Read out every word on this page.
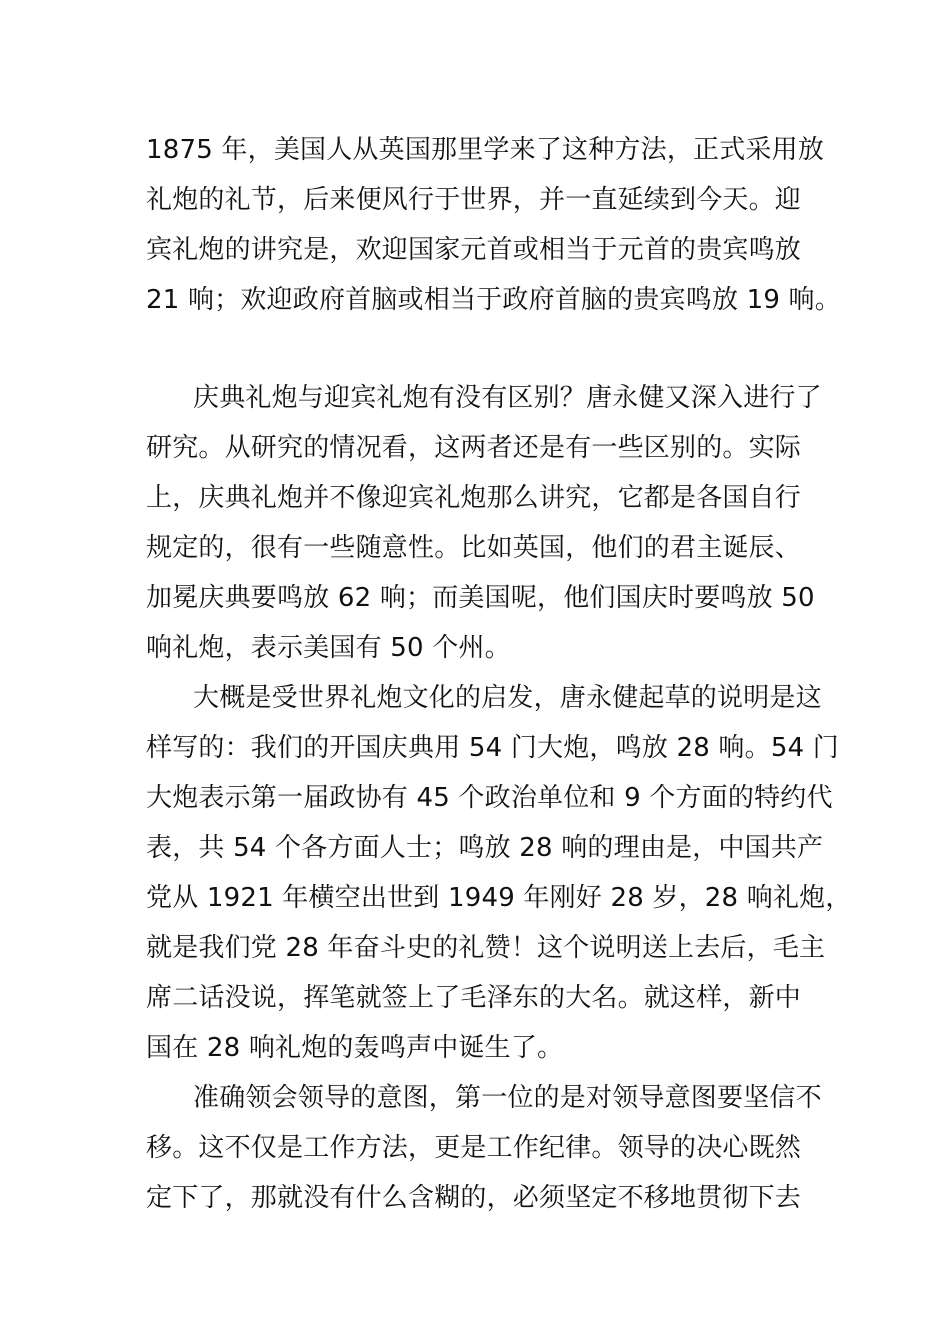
1875 年，美国人从英国那里学来了这种方法，正式采用放
礼炮的礼节，后来便风行于世界，并一直延续到今天。迎
宾礼炮的讲究是，欢迎国家元首或相当于元首的贵宾鸣放
21 响；欢迎政府首脑或相当于政府首脑的贵宾鸣放 19 响。
庆典礼炮与迎宾礼炮有没有区别？唐永健又深入进行了
研究。从研究的情况看，这两者还是有一些区别的。实际
上，庆典礼炮并不像迎宾礼炮那么讲究，它都是各国自行
规定的，很有一些随意性。比如英国，他们的君主诞辰、
加冕庆典要鸣放 62 响；而美国呢，他们国庆时要鸣放 50
响礼炮，表示美国有 50 个州。
大概是受世界礼炮文化的启发，唐永健起草的说明是这
样写的：我们的开国庆典用 54 门大炮，鸣放 28 响。54 门
大炮表示第一届政协有 45 个政治单位和 9 个方面的特约代
表，共 54 个各方面人士；鸣放 28 响的理由是，中国共产
党从 1921 年横空出世到 1949 年刚好 28 岁，28 响礼炮，
就是我们党 28 年奋斗史的礼赞！这个说明送上去后，毛主
席二话没说，挥笔就签上了毛泽东的大名。就这样，新中
国在 28 响礼炮的轰鸣声中诞生了。
准确领会领导的意图，第一位的是对领导意图要坚信不
移。这不仅是工作方法，更是工作纪律。领导的决心既然
定下了，那就没有什么含糊的，必须坚定不移地贯彻下去
